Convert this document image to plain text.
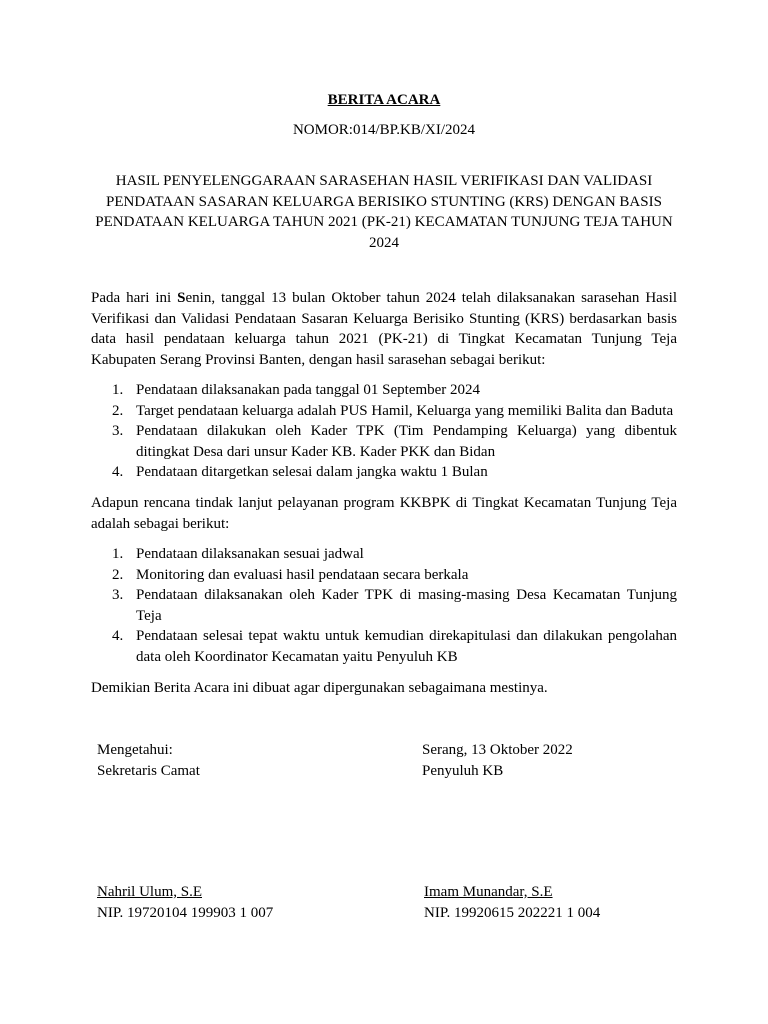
BERITA ACARA
NOMOR:014/BP.KB/XI/2024
HASIL PENYELENGGARAAN SARASEHAN HASIL VERIFIKASI DAN VALIDASI PENDATAAN SASARAN KELUARGA BERISIKO STUNTING (KRS) DENGAN BASIS PENDATAAN KELUARGA TAHUN 2021 (PK-21) KECAMATAN TUNJUNG TEJA TAHUN 2024
Pada hari ini Senin, tanggal 13 bulan Oktober tahun 2024 telah dilaksanakan sarasehan Hasil Verifikasi dan Validasi Pendataan Sasaran Keluarga Berisiko Stunting (KRS) berdasarkan basis data hasil pendataan keluarga tahun 2021 (PK-21) di Tingkat Kecamatan Tunjung Teja Kabupaten Serang Provinsi Banten, dengan hasil sarasehan sebagai berikut:
1. Pendataan dilaksanakan pada tanggal 01 September 2024
2. Target pendataan keluarga adalah PUS Hamil, Keluarga yang memiliki Balita dan Baduta
3. Pendataan dilakukan oleh Kader TPK (Tim Pendamping Keluarga) yang dibentuk ditingkat Desa dari unsur Kader KB. Kader PKK dan Bidan
4. Pendataan ditargetkan selesai dalam jangka waktu 1 Bulan
Adapun rencana tindak lanjut pelayanan program KKBPK di Tingkat Kecamatan Tunjung Teja adalah sebagai berikut:
1. Pendataan dilaksanakan sesuai jadwal
2. Monitoring dan evaluasi hasil pendataan secara berkala
3. Pendataan dilaksanakan oleh Kader TPK di masing-masing Desa Kecamatan Tunjung Teja
4. Pendataan selesai tepat waktu untuk kemudian direkapitulasi dan dilakukan pengolahan data oleh Koordinator Kecamatan yaitu Penyuluh KB
Demikian Berita Acara ini dibuat agar dipergunakan sebagaimana mestinya.
Mengetahui:
Sekretaris Camat
Serang, 13 Oktober 2022
Penyuluh KB
Nahril Ulum, S.E
NIP. 19720104 199903 1 007
Imam Munandar, S.E
NIP. 19920615 202221 1 004
